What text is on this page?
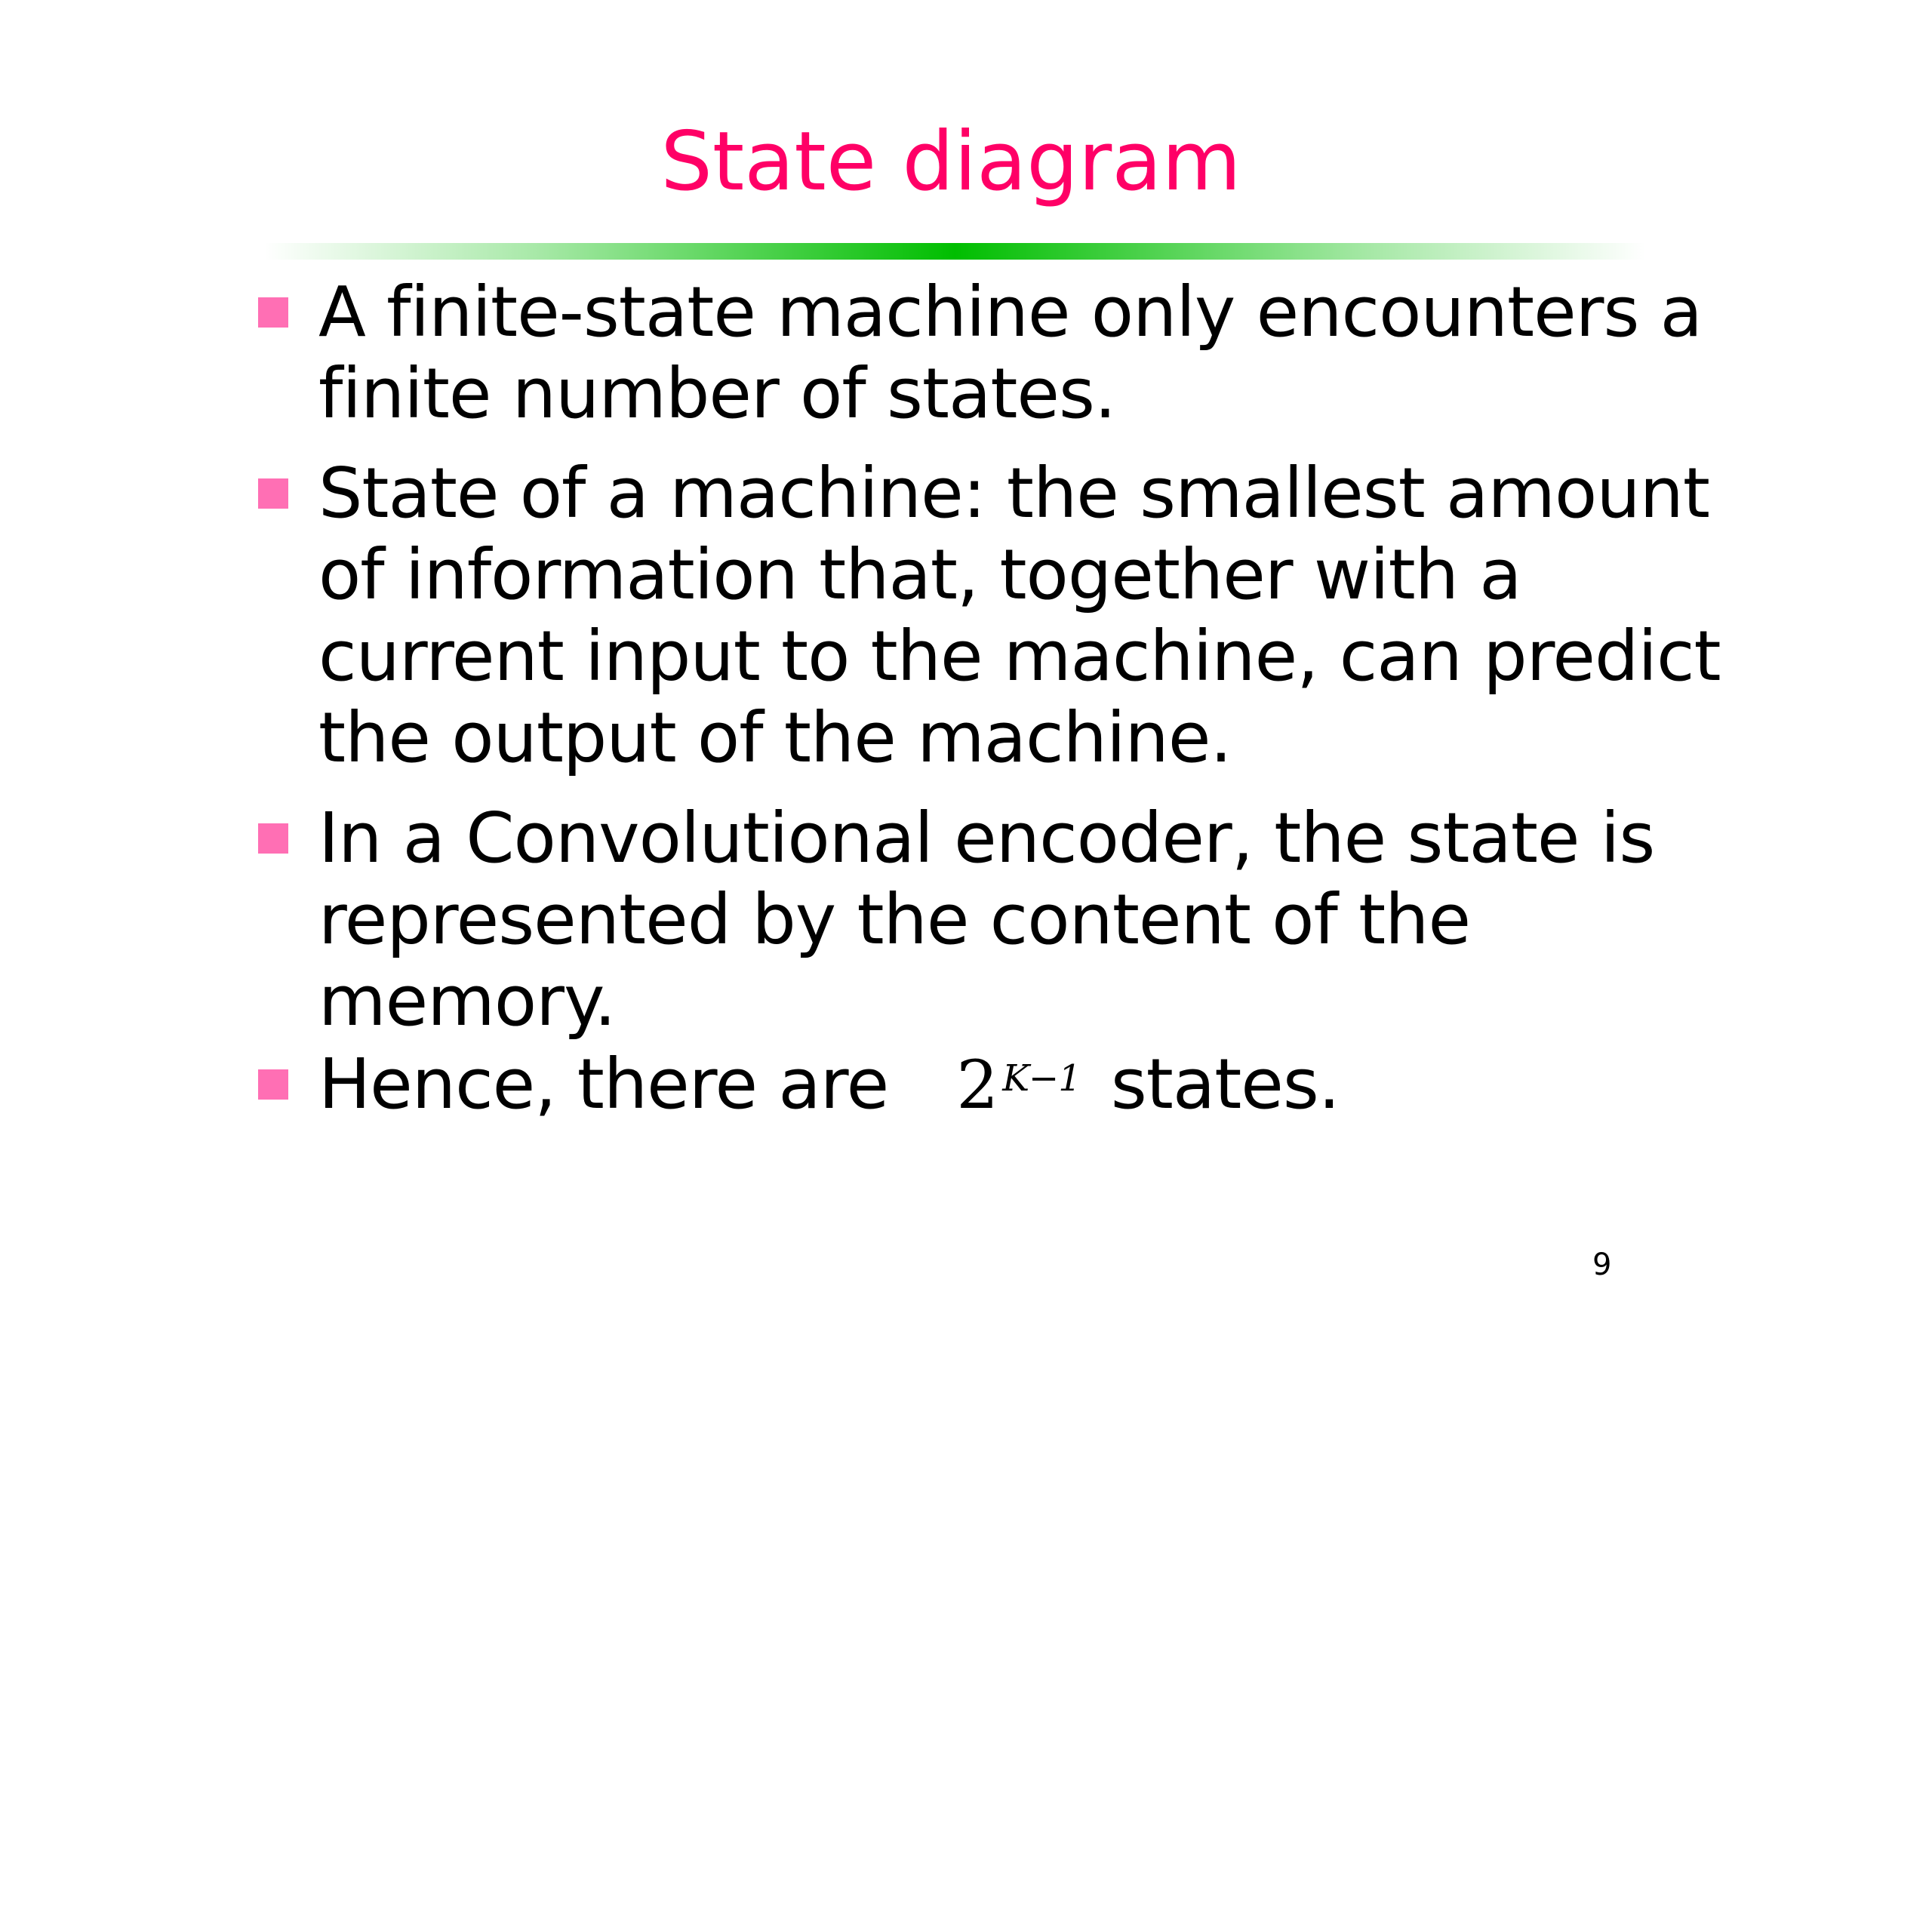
State diagram
A finite-state machine only encounters a
finite number of states.
State of a machine: the smallest amount
of information that, together with a
current input to the machine, can predict
the output of the machine.
In a Convolutional encoder, the state is
represented by the content of the
memory.
Hence, there are 2 $^{K-1}$ states.
9
